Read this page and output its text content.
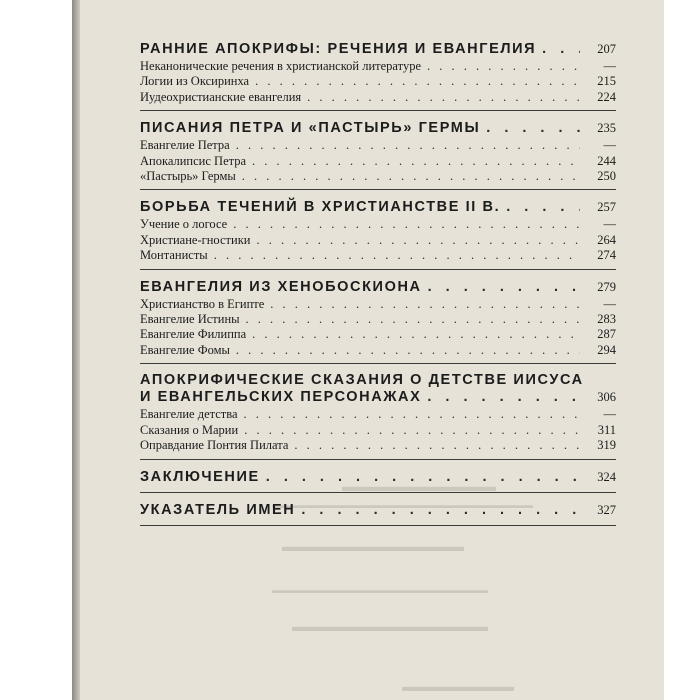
▬▬▬▬▬▬▬▬▬▬▬
▬▬▬▬▬▬▬▬▬▬▬▬▬▬▬▬▬▬▬▬▬▬▬▬▬▬▬▬▬
▬▬▬▬▬▬▬▬▬▬▬▬▬
▬▬▬▬▬▬▬▬▬▬▬▬▬▬▬▬▬▬▬▬▬▬▬▬
▬▬▬▬▬▬▬▬▬▬▬▬▬▬
▬▬▬▬▬▬▬▬
РАННИЕ АПОКРИФЫ: РЕЧЕНИЯ И ЕВАНГЕЛИЯ . . .	207
Неканонические речения в христианской литературе . . .	—
Логии из Оксиринха . . .	215
Иудеохристианские евангелия . . .	224
ПИСАНИЯ ПЕТРА И «ПАСТЫРЬ» ГЕРМЫ . . .	235
Евангелие Петра . . .	—
Апокалипсис Петра . . .	244
«Пастырь» Гермы . . .	250
БОРЬБА ТЕЧЕНИЙ В ХРИСТИАНСТВЕ II В. . . .	257
Учение о логосе . . .	—
Христиане-гностики . . .	264
Монтанисты . . .	274
ЕВАНГЕЛИЯ ИЗ ХЕНОБОСКИОНА . . .	279
Христианство в Египте . . .	—
Евангелие Истины . . .	283
Евангелие Филиппа . . .	287
Евангелие Фомы . . .	294
АПОКРИФИЧЕСКИЕ СКАЗАНИЯ О ДЕТСТВЕ ИИСУСА
И ЕВАНГЕЛЬСКИХ ПЕРСОНАЖАХ . . .	306
Евангелие детства . . .	—
Сказания о Марии . . .	311
Оправдание Понтия Пилата . . .	319
ЗАКЛЮЧЕНИЕ . . .	324
УКАЗАТЕЛЬ ИМЕН . . .	327
